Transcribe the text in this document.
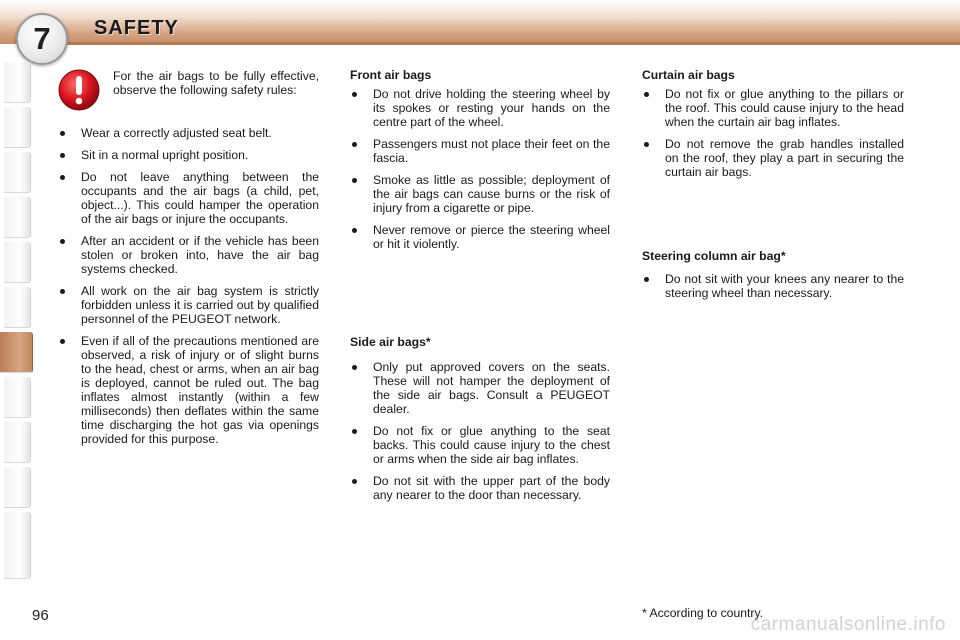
7	SAFETY
For the air bags to be fully effective, observe the following safety rules:
Wear a correctly adjusted seat belt.
Sit in a normal upright position.
Do not leave anything between the occupants and the air bags (a child, pet, object...). This could hamper the operation of the air bags or injure the occupants.
After an accident or if the vehicle has been stolen or broken into, have the air bag systems checked.
All work on the air bag system is strictly forbidden unless it is carried out by qualified personnel of the PEUGEOT network.
Even if all of the precautions mentioned are observed, a risk of injury or of slight burns to the head, chest or arms, when an air bag is deployed, cannot be ruled out. The bag inflates almost instantly (within a few milliseconds) then deflates within the same time discharging the hot gas via openings provided for this purpose.
Front air bags
Do not drive holding the steering wheel by its spokes or resting your hands on the centre part of the wheel.
Passengers must not place their feet on the fascia.
Smoke as little as possible; deployment of the air bags can cause burns or the risk of injury from a cigarette or pipe.
Never remove or pierce the steering wheel or hit it violently.
Side air bags*
Only put approved covers on the seats. These will not hamper the deployment of the side air bags. Consult a PEUGEOT dealer.
Do not fix or glue anything to the seat backs. This could cause injury to the chest or arms when the side air bag inflates.
Do not sit with the upper part of the body any nearer to the door than necessary.
Curtain air bags
Do not fix or glue anything to the pillars or the roof. This could cause injury to the head when the curtain air bag inflates.
Do not remove the grab handles installed on the roof, they play a part in securing the curtain air bags.
Steering column air bag*
Do not sit with your knees any nearer to the steering wheel than necessary.
* According to country.
96	carmanualsonline.info
